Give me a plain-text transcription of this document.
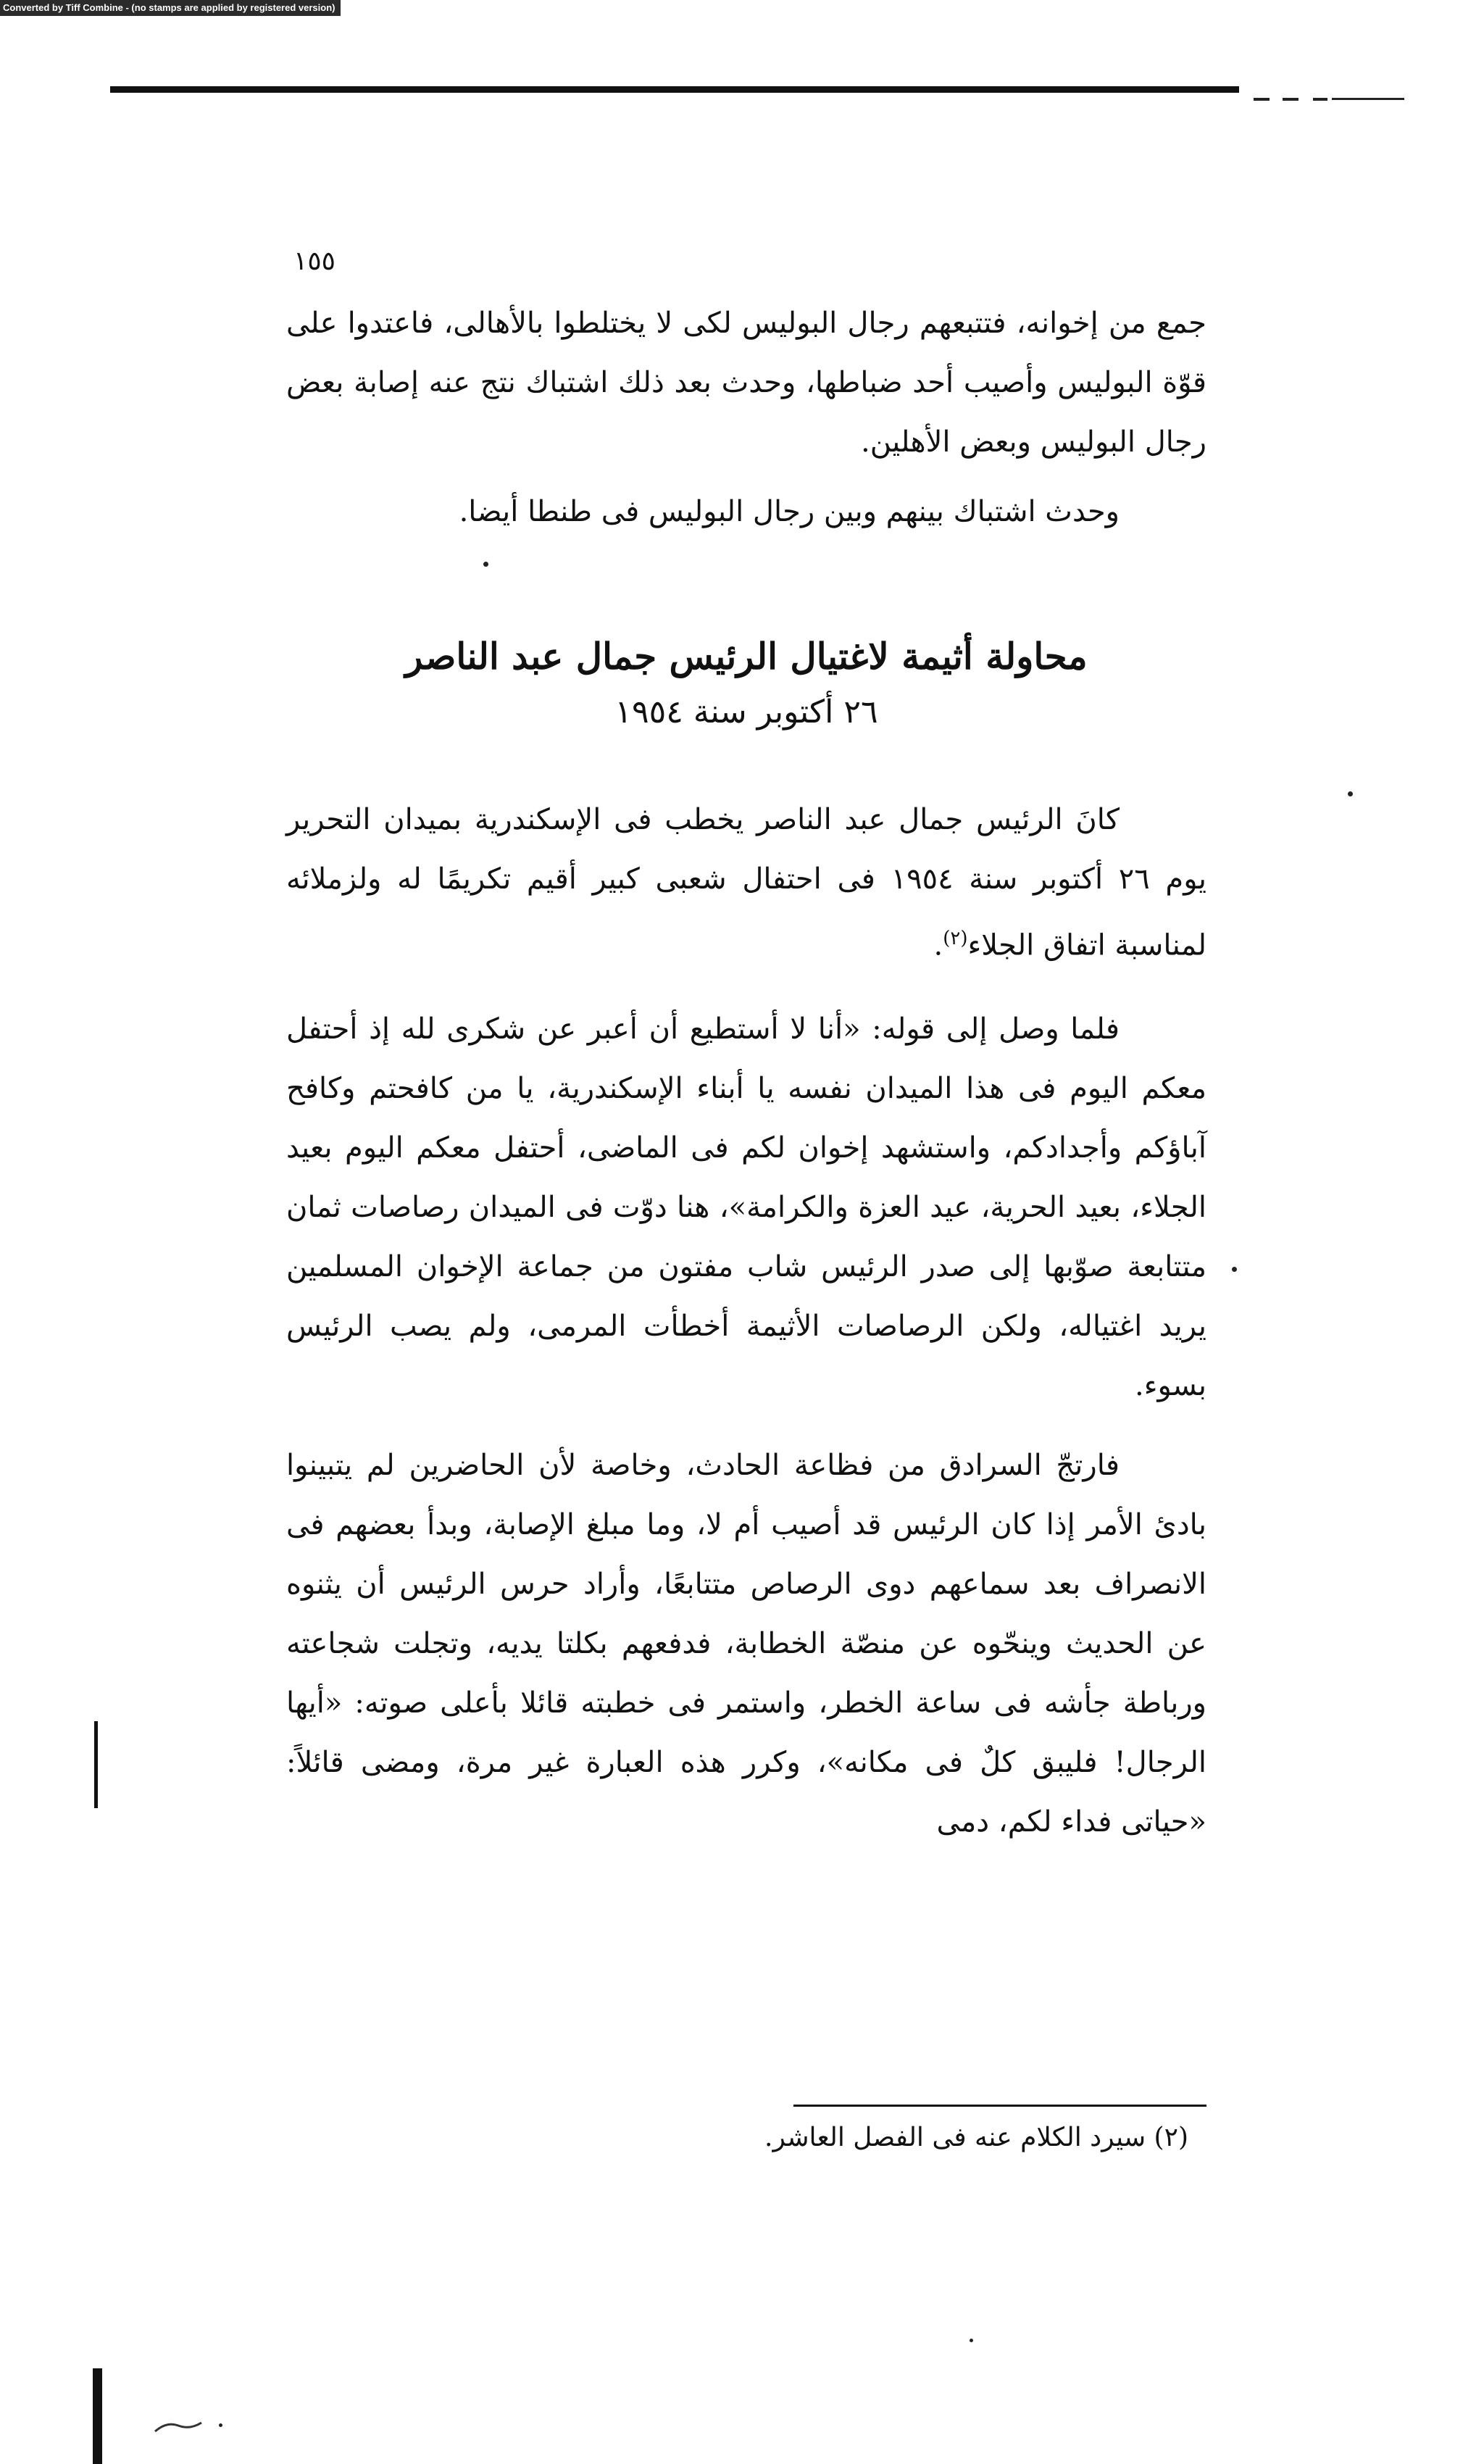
Converted by Tiff Combine - (no stamps are applied by registered version)
١٥٥

جمع من إخوانه، فتتبعهم رجال البوليس لكى لا يختلطوا بالأهالى، فاعتدوا على قوّة البوليس وأصيب أحد ضباطها، وحدث بعد ذلك اشتباك نتج عنه إصابة بعض رجال البوليس وبعض الأهلين.

وحدث اشتباك بينهم وبين رجال البوليس فى طنطا أيضا.

محاولة أثيمة لاغتيال الرئيس جمال عبد الناصر
٢٦ أكتوبر سنة ١٩٥٤

كانَ الرئيس جمال عبد الناصر يخطب فى الإسكندرية بميدان التحرير يوم ٢٦ أكتوبر سنة ١٩٥٤ فى احتفال شعبى كبير أقيم تكريمًا له ولزملائه لمناسبة اتفاق الجلاء$^{(٢)}$.

فلما وصل إلى قوله: «أنا لا أستطيع أن أعبر عن شكرى لله إذ أحتفل معكم اليوم فى هذا الميدان نفسه يا أبناء الإسكندرية، يا من كافحتم وكافح آباؤكم وأجدادكم، واستشهد إخوان لكم فى الماضى، أحتفل معكم اليوم بعيد الجلاء، بعيد الحرية، عيد العزة والكرامة»، هنا دوّت فى الميدان رصاصات ثمان متتابعة صوّبها إلى صدر الرئيس شاب مفتون من جماعة الإخوان المسلمين يريد اغتياله، ولكن الرصاصات الأثيمة أخطأت المرمى، ولم يصب الرئيس بسوء.

فارتجّ السرادق من فظاعة الحادث، وخاصة لأن الحاضرين لم يتبينوا بادئ الأمر إذا كان الرئيس قد أصيب أم لا، وما مبلغ الإصابة، وبدأ بعضهم فى الانصراف بعد سماعهم دوى الرصاص متتابعًا، وأراد حرس الرئيس أن يثنوه عن الحديث وينحّوه عن منصّة الخطابة، فدفعهم بكلتا يديه، وتجلت شجاعته ورباطة جأشه فى ساعة الخطر، واستمر فى خطبته قائلا بأعلى صوته: «أيها الرجال! فليبق كلٌ فى مكانه»، وكرر هذه العبارة غير مرة، ومضى قائلاً: «حياتى فداء لكم، دمى

(٢) سيرد الكلام عنه فى الفصل العاشر.
